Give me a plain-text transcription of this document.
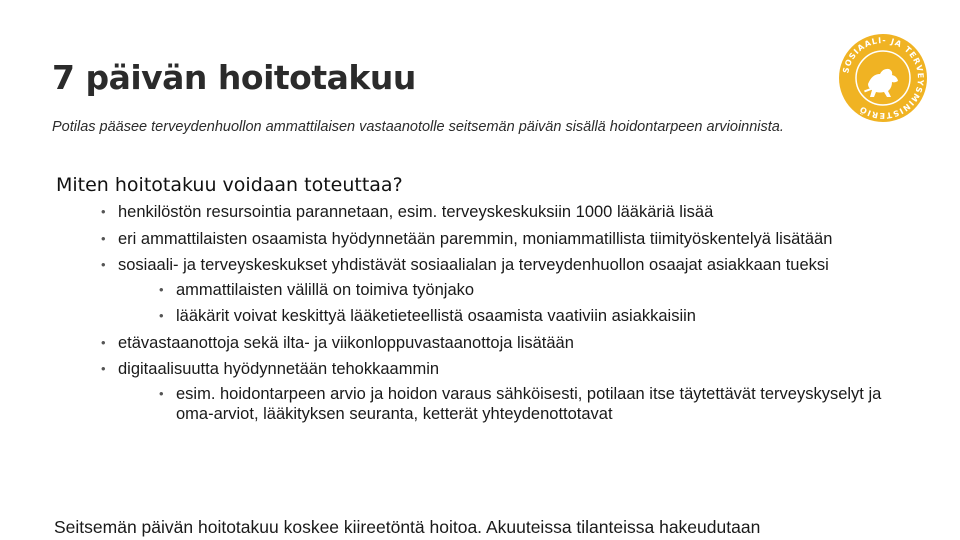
7 päivän hoitotakuu	SOSIAALI- JA TERVEYSMINISTERIÖ

Potilas pääsee terveydenhuollon ammattilaisen vastaanotolle seitsemän päivän sisällä hoidontarpeen arvioinnista.

Miten hoitotakuu voidaan toteuttaa?
• henkilöstön resursointia parannetaan, esim. terveyskeskuksiin 1000 lääkäriä lisää
• eri ammattilaisten osaamista hyödynnetään paremmin, moniammatillista tiimityöskentelyä lisätään
• sosiaali- ja terveyskeskukset yhdistävät sosiaalialan ja terveydenhuollon osaajat asiakkaan tueksi
• ammattilaisten välillä on toimiva työnjako
• lääkärit voivat keskittyä lääketieteellistä osaamista vaativiin asiakkaisiin
• etävastaanottoja sekä ilta- ja viikonloppuvastaanottoja lisätään
• digitaalisuutta hyödynnetään tehokkaammin
• esim. hoidontarpeen arvio ja hoidon varaus sähköisesti, potilaan itse täytettävät terveyskyselyt ja oma-arviot, lääkityksen seuranta, ketterät yhteydenottotavat

Seitsemän päivän hoitotakuu koskee kiireetöntä hoitoa. Akuuteissa tilanteissa hakeudutaan
